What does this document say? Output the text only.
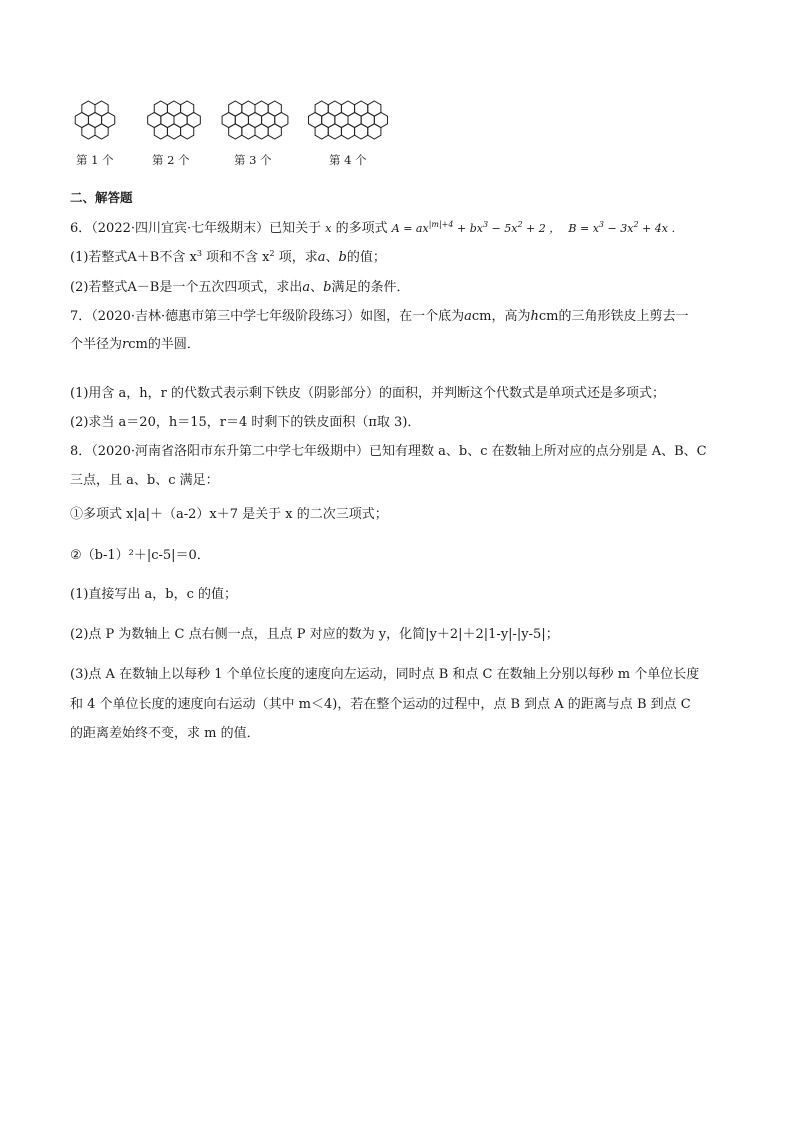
第 1 个	第 2 个	第 3 个	第 4 个
二、解答题
6．（2022·四川宜宾·七年级期末）已知关于 x 的多项式 $A = ax^{|m|+4} + bx^3 - 5x^2 + 2$ ， $B = x^3 - 3x^2 + 4x$ ．
(1)若整式A＋B不含 $x^3$ 项和不含 $x^2$ 项，求a、b的值；
(2)若整式A－B是一个五次四项式，求出a、b满足的条件．
7．（2020·吉林·德惠市第三中学七年级阶段练习）如图，在一个底为acm，高为hcm的三角形铁皮上剪去一
个半径为rcm的半圆．
(1)用含 a，h，r 的代数式表示剩下铁皮（阴影部分）的面积，并判断这个代数式是单项式还是多项式；
(2)求当 a＝20，h＝15，r＝4 时剩下的铁皮面积（π取 3)．
8．（2020·河南省洛阳市东升第二中学七年级期中）已知有理数 a、b、c 在数轴上所对应的点分别是 A、B、C
三点，且 a、b、c 满足：
①多项式 x|a|＋（a-2）x＋7 是关于 x 的二次三项式；
②（b-1）²＋|c-5|＝0．
(1)直接写出 a，b，c 的值；
(2)点 P 为数轴上 C 点右侧一点，且点 P 对应的数为 y，化简|y＋2|＋2|1-y|-|y-5|；
(3)点 A 在数轴上以每秒 1 个单位长度的速度向左运动，同时点 B 和点 C 在数轴上分别以每秒 m 个单位长度
和 4 个单位长度的速度向右运动（其中 m＜4)，若在整个运动的过程中，点 B 到点 A 的距离与点 B 到点 C
的距离差始终不变，求 m 的值．
